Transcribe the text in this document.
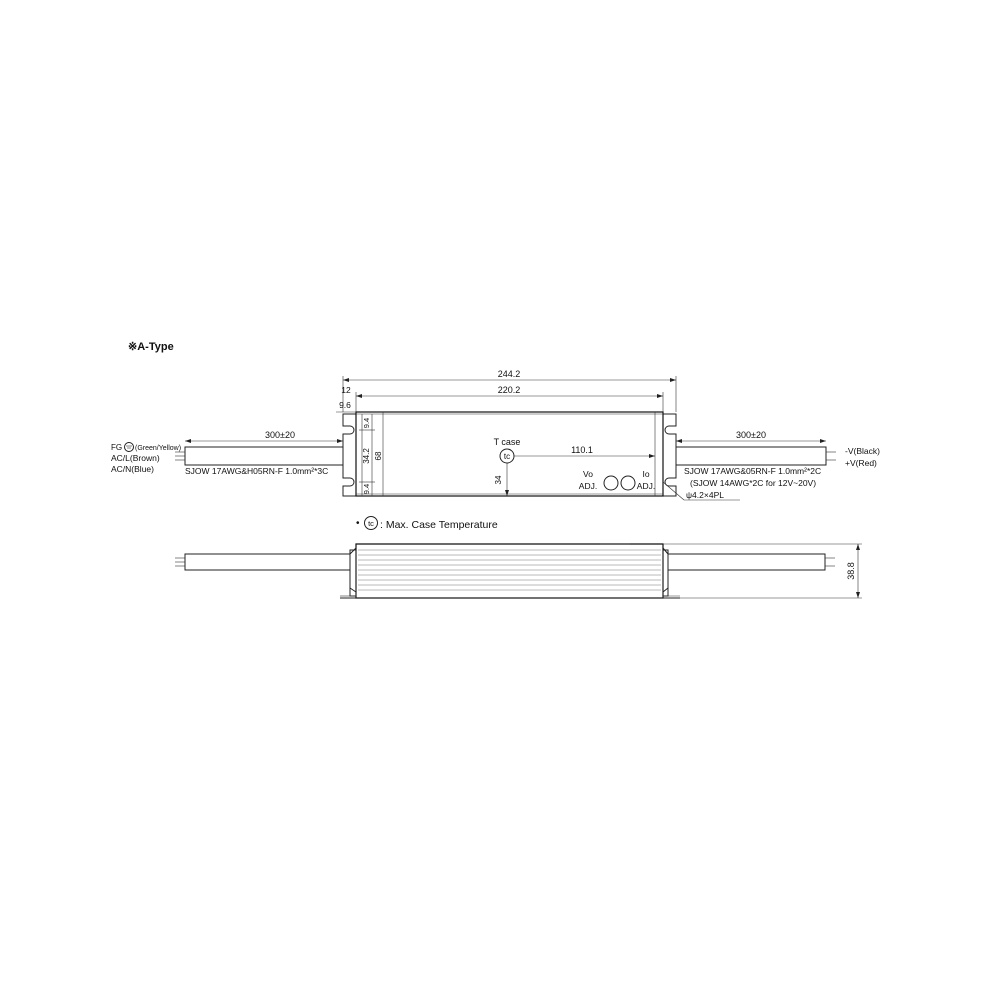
※A-Type
tc
T case
110.1
34
Vo
ADJ.
Io
ADJ.
9.4
34.2
9.4
68
300±20	300±20
244.2
220.2
12
9.6
FG (Green/Yellow)
AC/L(Brown)
AC/N(Blue)	SJOW 17AWG&H05RN-F 1.0mm²*3C
-V(Black)
+V(Red)
SJOW 17AWG&05RN-F 1.0mm²*2C
(SJOW 14AWG*2C for 12V~20V)
ψ4.2×4PL
• tc : Max. Case Temperature
38.8
